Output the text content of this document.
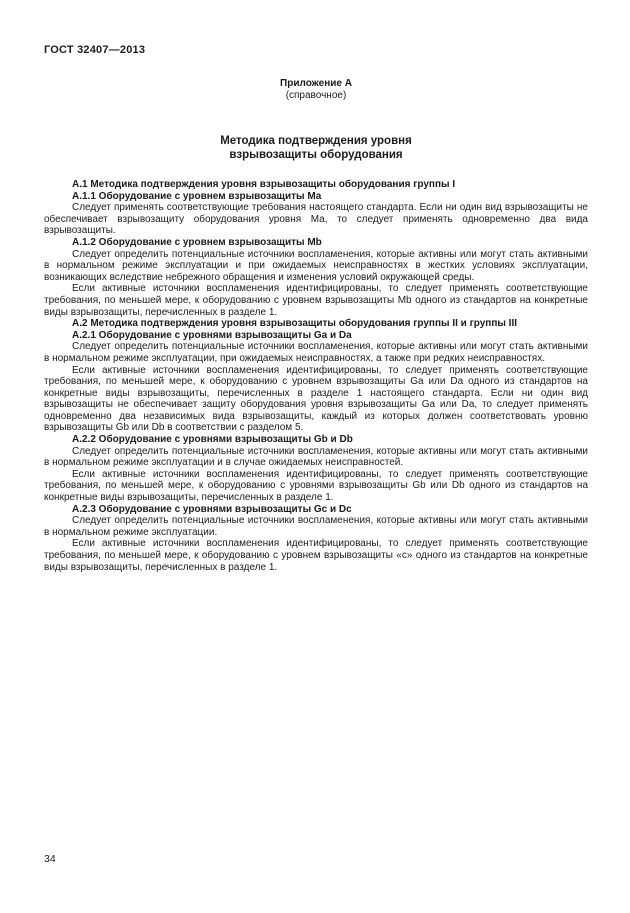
ГОСТ 32407—2013
Приложение А
(справочное)
Методика подтверждения уровня
взрывозащиты оборудования

А.1 Методика подтверждения уровня взрывозащиты оборудования группы I

А.1.1 Оборудование с уровнем взрывозащиты Ма

Следует применять соответствующие требования настоящего стандарта. Если ни один вид взрывозащиты не обеспечивает взрывозащиту оборудования уровня Ма, то следует применять одновременно два вида взрывозащиты.

А.1.2 Оборудование с уровнем взрывозащиты Mb

Следует определить потенциальные источники воспламенения, которые активны или могут стать активными в нормальном режиме эксплуатации и при ожидаемых неисправностях в жестких условиях эксплуатации, возникающих вследствие небрежного обращения и изменения условий окружающей среды.

Если активные источники воспламенения идентифицированы, то следует применять соответствующие требования, по меньшей мере, к оборудованию с уровнем взрывозащиты Mb одного из стандартов на конкретные виды взрывозащиты, перечисленных в разделе 1.

А.2 Методика подтверждения уровня взрывозащиты оборудования группы II и группы III

А.2.1 Оборудование с уровнями взрывозащиты Ga и Da

Следует определить потенциальные источники воспламенения, которые активны или могут стать активными в нормальном режиме эксплуатации, при ожидаемых неисправностях, а также при редких неисправностях.

Если активные источники воспламенения идентифицированы, то следует применять соответствующие требования, по меньшей мере, к оборудованию с уровнем взрывозащиты Ga или Da одного из стандартов на конкретные виды взрывозащиты, перечисленных в разделе 1 настоящего стандарта. Если ни один вид взрывозащиты не обеспечивает защиту оборудования уровня взрывозащиты Ga или Da, то следует применять одновременно два независимых вида взрывозащиты, каждый из которых должен соответствовать уровню взрывозащиты Gb или Db в соответствии с разделом 5.

А.2.2 Оборудование с уровнями взрывозащиты Gb и Db

Следует определить потенциальные источники воспламенения, которые активны или могут стать активными в нормальном режиме эксплуатации и в случае ожидаемых неисправностей.

Если активные источники воспламенения идентифицированы, то следует применять соответствующие требования, по меньшей мере, к оборудованию с уровнями взрывозащиты Gb или Db одного из стандартов на конкретные виды взрывозащиты, перечисленных в разделе 1.

А.2.3 Оборудование с уровнями взрывозащиты Gc и Dc

Следует определить потенциальные источники воспламенения, которые активны или могут стать активными в нормальном режиме эксплуатации.

Если активные источники воспламенения идентифицированы, то следует применять соответствующие требования, по меньшей мере, к оборудованию с уровнем взрывозащиты «с» одного из стандартов на конкретные виды взрывозащиты, перечисленных в разделе 1.

34
